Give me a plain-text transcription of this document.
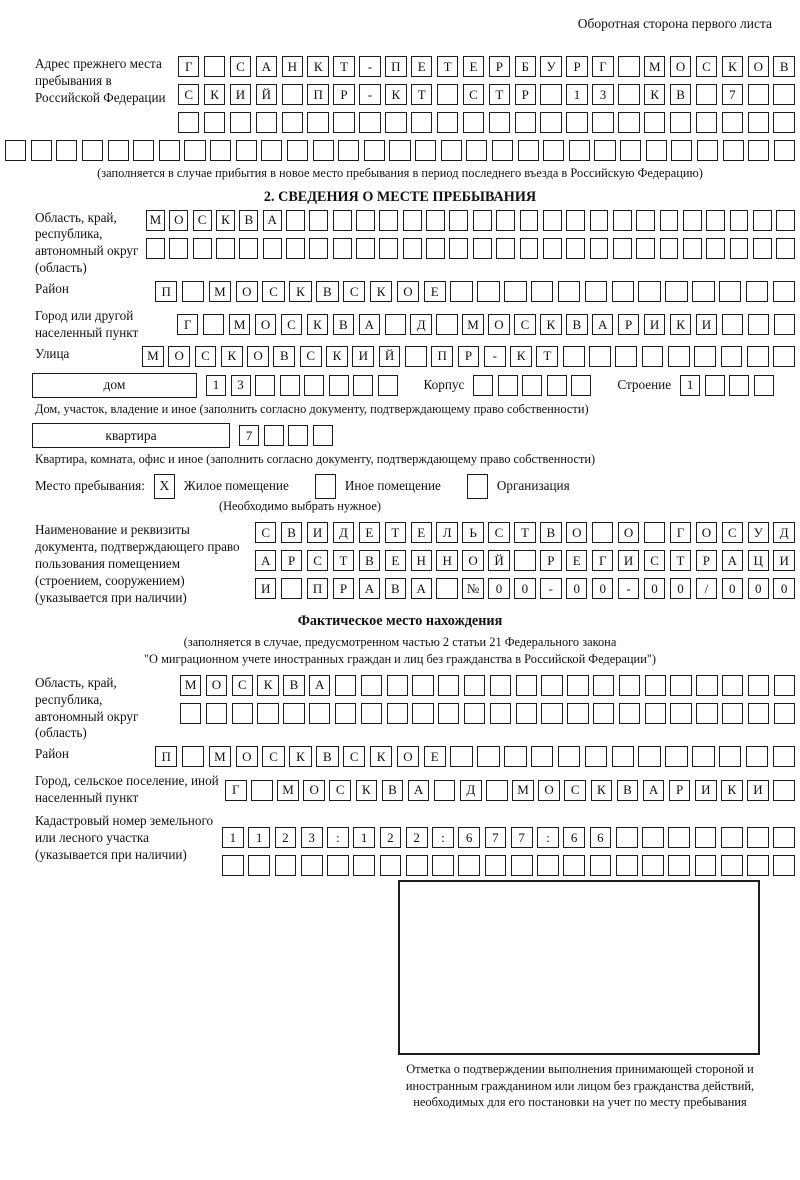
Оборотная сторона первого листа
Адрес прежнего места пребывания в Российской Федерации
Г	С	А	Н	К	Т	-	П	Е	Т	Е	Р	Б	У	Р	Г	М	О	С	К	О	В
С	К	И	Й	П	Р	-	К	Т	С	Т	Р	1	3	К	В	7
(заполняется в случае прибытия в новое место пребывания в период последнего въезда в Российскую Федерацию)
2. СВЕДЕНИЯ О МЕСТЕ ПРЕБЫВАНИЯ
Область, край, республика, автономный округ (область)
М О	С	К	В	А
Район	П	М	О	С	К	В	С	К	О	Е
Город или другой населенный пункт
Г	М	О	С	К	В	А	Д	М	О	С	К	В	А	Р	И	К	И
Улица	М	О	С	К	О	В	С	К	И	Й	П	Р	-	К	Т
дом	1	3	Корпус	Строение	1
Дом, участок, владение и иное (заполнить согласно документу, подтверждающему право собственности)
квартира	7
Квартира, комната, офис и иное (заполнить согласно документу, подтверждающему право собственности)
Место пребывания:	X	Жилое помещение	Иное помещение	Организация
(Необходимо выбрать нужное)
Наименование и реквизиты документа, подтверждающего право пользования помещением (строением, сооружением) (указывается при наличии)
С	В	И	Д	Е	Т	Е	Л	Ь	С	Т	В	О	О	Г	О	С	У	Д
А	Р	С	Т	В	Е	Н	Н	О	Й	Р	Е	Г	И	С	Т	Р	А	Ц	И
И	П	Р	А	В	А	№	0	0	-	0	0	-	0	0	/	0	0	0
Фактическое место нахождения
(заполняется в случае, предусмотренном частью 2 статьи 21 Федерального закона
"О миграционном учете иностранных граждан и лиц без гражданства в Российской Федерации")
Область, край, республика, автономный округ (область)
М	О	С	К	В	А
Район	П	М	О	С	К	В	С	К	О	Е
Город, сельское поселение, иной населенный пункт
Г	М	О	С	К	В	А	Д	М	О	С	К	В	А	Р	И	К	И
Кадастровый номер земельного или лесного участка (указывается при наличии)
1	1	2	3	:	1	2	2	:	6	7	7	:	6	6
Отметка о подтверждении выполнения принимающей стороной и иностранным гражданином или лицом без гражданства действий, необходимых для его постановки на учет по месту пребывания
